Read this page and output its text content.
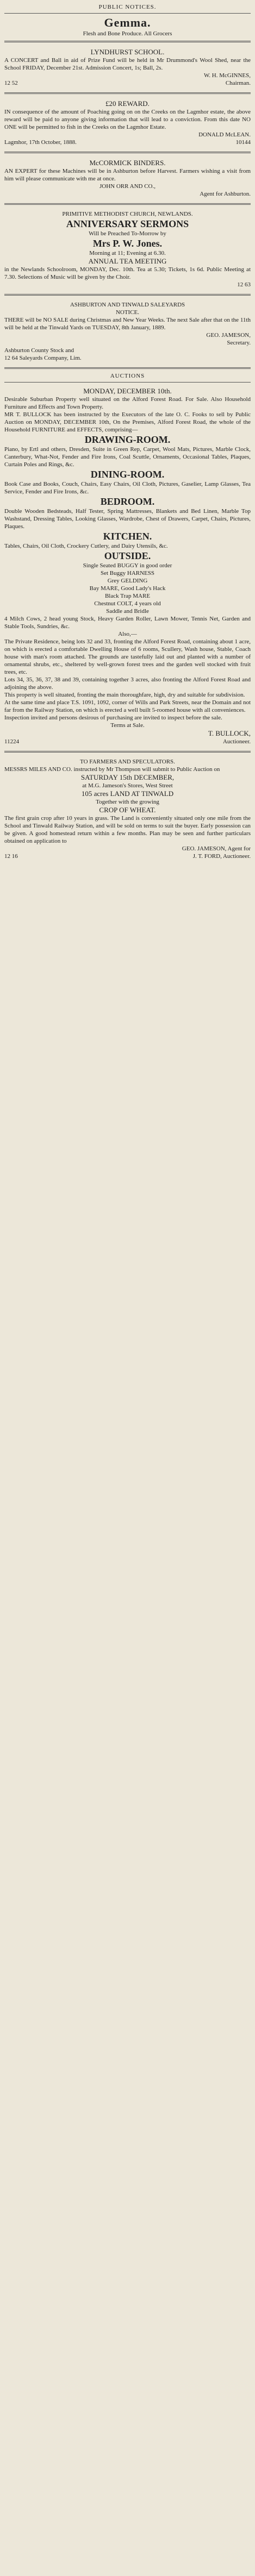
PUBLIC NOTICES.
Gemma.
Flesh and Bone Produce. All Grocers
LYNDHURST SCHOOL.
A CONCERT and Ball in aid of Prize Fund will be held in Mr Drummond's Wool Shed, near the School FRIDAY, December 21st. Admission Concert, 1s; Ball, 2s.
W. H. McGINNES,
12 52	Chairman.
£20 REWARD.
IN consequence of the amount of Poaching going on on the Creeks on the Lagmhor estate, the above reward will be paid to anyone giving information that will lead to a conviction. From this date NO ONE will be permitted to fish in the Creeks on the Lagmhor Estate.
DONALD McLEAN.
Lagmhor, 17th October, 1888.	10144
McCORMICK BINDERS.
AN EXPERT for these Machines will be in Ashburton before Harvest. Farmers wishing a visit from him will please communicate with me at once.
JOHN ORR AND CO.,
Agent for Ashburton.
PRIMITIVE METHODIST CHURCH, NEWLANDS.
ANNIVERSARY SERMONS
Will be Preached To-Morrow by
Mrs P. W. Jones.
Morning at 11; Evening at 6.30.
ANNUAL TEA MEETING
in the Newlands Schoolroom, MONDAY, Dec. 10th. Tea at 5.30; Tickets, 1s 6d. Public Meeting at 7.30. Selections of Music will be given by the Choir.
12 63
ASHBURTON AND TINWALD SALEYARDS
NOTICE.
THERE will be NO SALE during Christmas and New Year Weeks. The next Sale after that on the 11th will be held at the Tinwald Yards on TUESDAY, 8th January, 1889.
GEO. JAMESON,
Secretary.
Ashburton County Stock and
12 64 Saleyards Company, Lim.
AUCTIONS
MONDAY, DECEMBER 10th.
Desirable Suburban Property well situated on the Alford Forest Road. For Sale. Also Household Furniture and Effects and Town Property.
MR T. BULLOCK has been instructed by the Executors of the late O. C. Fooks to sell by Public Auction on MONDAY, DECEMBER 10th, On the Premises, Alford Forest Road, the whole of the Household FURNITURE and EFFECTS, comprising—
DRAWING-ROOM.
Piano, by Ertl and others, Dresden, Suite in Green Rep, Carpet, Wool Mats, Pictures, Marble Clock, Canterbury, What-Not, Fender and Fire Irons, Coal Scuttle, Ornaments, Occasional Tables, Plaques, Curtain Poles and Rings, &c.
DINING-ROOM.
Book Case and Books, Couch, Chairs, Easy Chairs, Oil Cloth, Pictures, Gaselier, Lamp Glasses, Tea Service, Fender and Fire Irons, &c.
BEDROOM.
Double Wooden Bedsteads, Half Tester, Spring Mattresses, Blankets and Bed Linen, Marble Top Washstand, Dressing Tables, Looking Glasses, Wardrobe, Chest of Drawers, Carpet, Chairs, Pictures, Plaques.
KITCHEN.
Tables, Chairs, Oil Cloth, Crockery Cutlery, and Dairy Utensils, &c.
OUTSIDE.
Single Seated BUGGY in good order
Set Buggy HARNESS
Grey GELDING
Bay MARE, Good Lady's Hack
Black Trap MARE
Chestnut COLT, 4 years old
Saddle and Bridle
4 Milch Cows, 2 head young Stock, Heavy Garden Roller, Lawn Mower, Tennis Net, Garden and Stable Tools, Sundries, &c.
Also,—
The Private Residence, being lots 32 and 33, fronting the Alford Forest Road, containing about 1 acre, on which is erected a comfortable Dwelling House of 6 rooms, Scullery, Wash house, Stable, Coach house with man's room attached. The grounds are tastefully laid out and planted with a number of ornamental shrubs, etc., sheltered by well-grown forest trees and the garden well stocked with fruit trees, etc.
Lots 34, 35, 36, 37, 38 and 39, containing together 3 acres, also fronting the Alford Forest Road and adjoining the above.
This property is well situated, fronting the main thoroughfare, high, dry and suitable for subdivision.
At the same time and place T.S. 1091, 1092, corner of Wills and Park Streets, near the Domain and not far from the Railway Station, on which is erected a well built 5-roomed house with all conveniences.
Inspection invited and persons desirous of purchasing are invited to inspect before the sale.
Terms at Sale.
T. BULLOCK,
11224	Auctioneer.
TO FARMERS AND SPECULATORS.
MESSRS MILES AND CO. instructed by Mr Thompson will submit to Public Auction on
SATURDAY 15th DECEMBER,
at M.G. Jameson's Stores, West Street
105 acres LAND AT TINWALD
Together with the growing
CROP OF WHEAT.
The first grain crop after 10 years in grass. The Land is conveniently situated only one mile from the School and Tinwald Railway Station, and will be sold on terms to suit the buyer. Early possession can be given. A good homestead return within a few months. Plan may be seen and further particulars obtained on application to
GEO. JAMESON, Agent for
12 16	J. T. FORD, Auctioneer.
